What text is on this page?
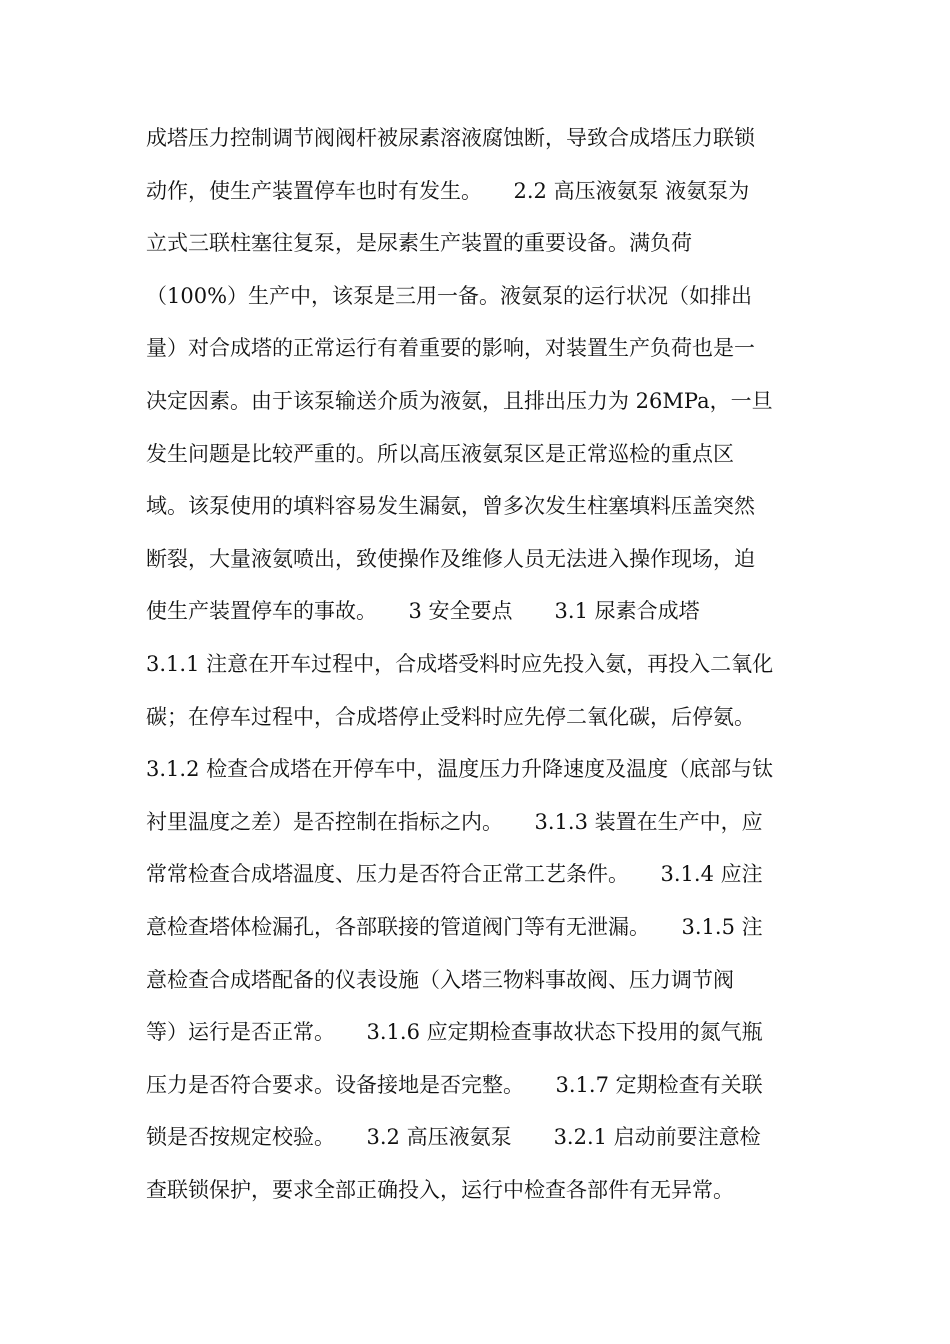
成塔压力控制调节阀阀杆被尿素溶液腐蚀断，导致合成塔压力联锁
动作，使生产装置停车也时有发生。　　2.2 高压液氨泵 液氨泵为
立式三联柱塞往复泵，是尿素生产装置的重要设备。满负荷
（100%）生产中，该泵是三用一备。液氨泵的运行状况（如排出
量）对合成塔的正常运行有着重要的影响，对装置生产负荷也是一
决定因素。由于该泵输送介质为液氨，且排出压力为 26MPa，一旦
发生问题是比较严重的。所以高压液氨泵区是正常巡检的重点区
域。该泵使用的填料容易发生漏氨，曾多次发生柱塞填料压盖突然
断裂，大量液氨喷出，致使操作及维修人员无法进入操作现场，迫
使生产装置停车的事故。　　3 安全要点　　3.1 尿素合成塔
3.1.1 注意在开车过程中，合成塔受料时应先投入氨，再投入二氧化
碳；在停车过程中，合成塔停止受料时应先停二氧化碳，后停氨。
3.1.2 检查合成塔在开停车中，温度压力升降速度及温度（底部与钛
衬里温度之差）是否控制在指标之内。　　3.1.3 装置在生产中，应
常常检查合成塔温度、压力是否符合正常工艺条件。　　3.1.4 应注
意检查塔体检漏孔，各部联接的管道阀门等有无泄漏。　　3.1.5 注
意检查合成塔配备的仪表设施（入塔三物料事故阀、压力调节阀
等）运行是否正常。　　3.1.6 应定期检查事故状态下投用的氮气瓶
压力是否符合要求。设备接地是否完整。　　3.1.7 定期检查有关联
锁是否按规定校验。　　3.2 高压液氨泵　　3.2.1 启动前要注意检
查联锁保护，要求全部正确投入，运行中检查各部件有无异常。
